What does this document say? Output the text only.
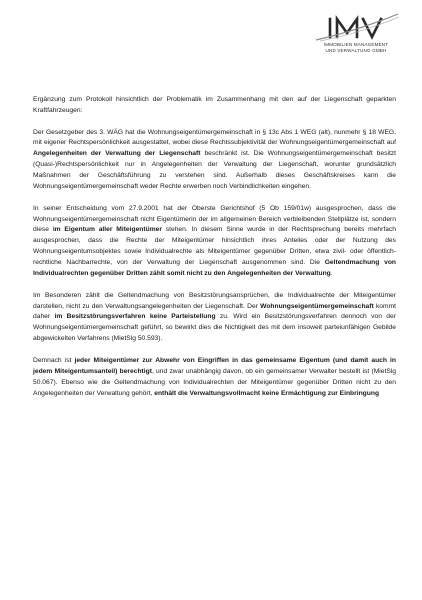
IMMOBILIEN MANAGEMENT
UND VERWALTUNG GMBH

Ergänzung zum Protokoll hinsichtlich der Problematik im Zusammenhang mit den auf der Liegenschaft geparkten Kraftfahrzeugen:

Der Gesetzgeber des 3. WÄG hat die Wohnungseigentümergemeinschaft in § 13c Abs 1 WEG (alt), nunmehr § 18 WEG, mit eigener Rechtspersönlichkeit ausgestattet, wobei diese Rechtssubjektivität der Wohnungseigentümergemeinschaft auf Angelegenheiten der Verwaltung der Liegenschaft beschränkt ist. Die Wohnungseigentümergemeinschaft besitzt (Quasi-)Rechtspersönlichkeit nur in Angelegenheiten der Verwaltung der Liegenschaft, worunter grundsätzlich Maßnahmen der Geschäftsführung zu verstehen sind. Außerhalb dieses Geschäftskreises kann die Wohnungseigentümergemeinschaft weder Rechte erwerben noch Verbindlichkeiten eingehen.

In seiner Entscheidung vom 27.9.2001 hat der Oberste Gerichtshof (5 Ob 159/01w) ausgesprochen, dass die Wohnungseigentümergemeinschaft nicht Eigentümerin der im allgemeinen Bereich verbleibenden Stellplätze ist, sondern diese im Eigentum aller Miteigentümer stehen. In diesem Sinne wurde in der Rechtsprechung bereits mehrfach ausgesprochen, dass die Rechte der Miteigentümer hinsichtlich ihres Anteiles oder der Nutzung des Wohnungseigentumsobjektes sowie Individualrechte als Miteigentümer gegenüber Dritten, etwa zivil- oder öffentlich-rechtliche Nachbarrechte, von der Verwaltung der Liegenschaft ausgenommen sind. Die Geltendmachung von Individualrechten gegenüber Dritten zählt somit nicht zu den Angelegenheiten der Verwaltung.

Im Besonderen zählt die Geltendmachung von Besitzstörungsansprüchen, die Individualrechte der Miteigentümer darstellen, nicht zu den Verwaltungsangelegenheiten der Liegenschaft. Der Wohnungseigentümergemeinschaft kommt daher im Besitzstörungsverfahren keine Parteistellung zu. Wird ein Besitzstörungsverfahren dennoch von der Wohnungseigentümergemeinschaft geführt, so bewirkt dies die Nichtigkeit des mit dem insoweit parteiunfähigen Gebilde abgewickelten Verfahrens (MietSlg 50.593).

Demnach ist jeder Miteigentümer zur Abwehr von Eingriffen in das gemeinsame Eigentum (und damit auch in jedem Miteigentumsanteil) berechtigt, und zwar unabhängig davon, ob ein gemeinsamer Verwalter bestellt ist (MietSlg 50.067). Ebenso wie die Geltendmachung von Individualrechten der Miteigentümer gegenüber Dritten nicht zu den Angelegenheiten der Verwaltung gehört, enthält die Verwaltungsvollmacht keine Ermächtigung zur Einbringung
